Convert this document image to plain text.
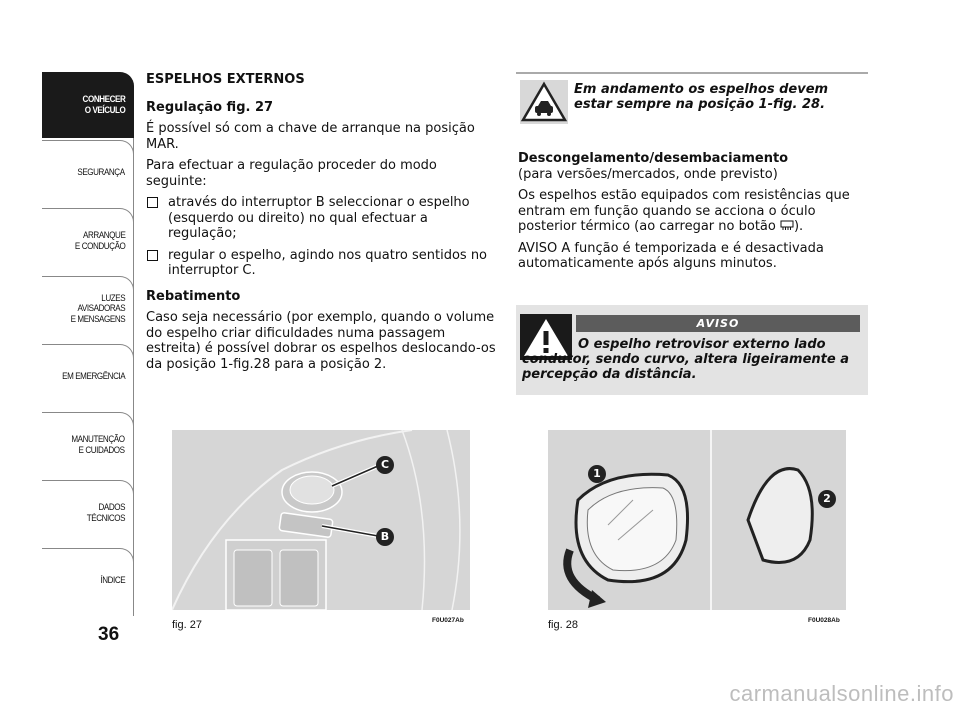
CONHECER
O VEÍCULO
SEGURANÇA
ARRANQUE
E CONDUÇÃO
LUZES
AVISADORAS
E MENSAGENS
EM EMERGÊNCIA
MANUTENÇÃO
E CUIDADOS
DADOS
TÉCNICOS
ÍNDICE
36

ESPELHOS EXTERNOS

Regulação fig. 27

É possível só com a chave de arranque na posição MAR.

Para efectuar a regulação proceder do modo seguinte:

através do interruptor B seleccionar o espelho (esquerdo ou direito) no qual efectuar a regulação;
regular o espelho, agindo nos quatro sentidos no interruptor C.

Rebatimento

Caso seja necessário (por exemplo, quando o volume do espelho criar dificuldades numa passagem estreita) é possível dobrar os espelhos deslocando-os da posição 1-fig.28 para a posição 2.

Em andamento os espelhos devem estar sempre na posição 1-fig. 28.

Descongelamento/desembaciamento

(para versões/mercados, onde previsto)

Os espelhos estão equipados com resistências que entram em função quando se acciona o óculo posterior térmico (ao carregar no botão ).

AVISO A função é temporizada e é desactivada automaticamente após alguns minutos.

O espelho retrovisor externo lado condutor, sendo curvo, altera ligeiramente a percepção da distância.
AVISO
C
B
fig. 27	F0U027Ab
1
2
fig. 28	F0U028Ab
carmanualsonline.info
